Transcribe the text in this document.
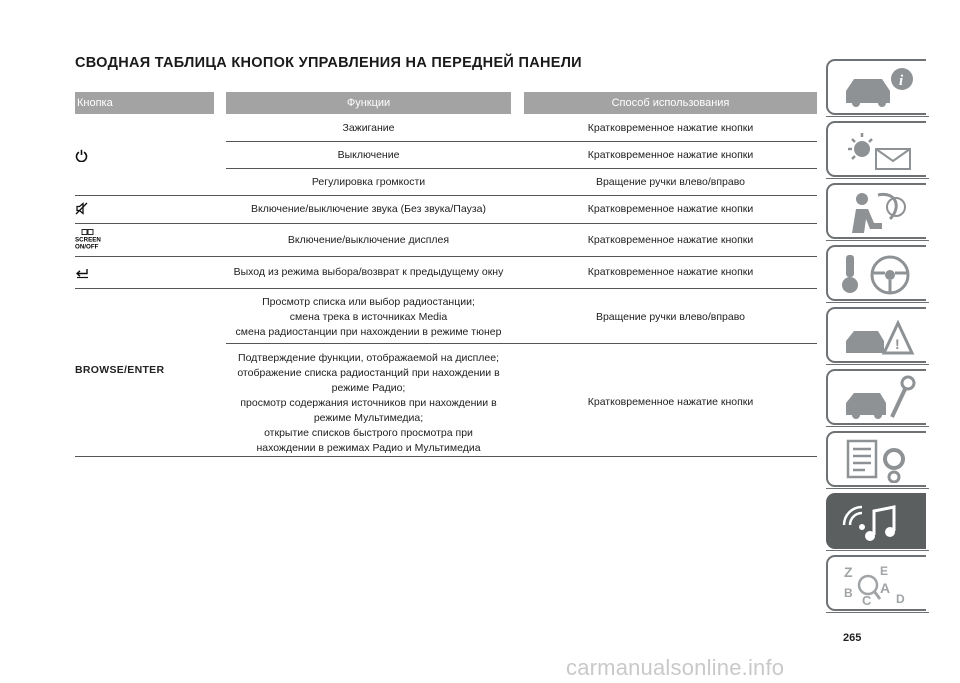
СВОДНАЯ ТАБЛИЦА КНОПОК УПРАВЛЕНИЯ НА ПЕРЕДНЕЙ ПАНЕЛИ
Кнопка	Функции	Способ использования
SCREEN
ON/OFF
BROWSE/ENTER
Зажигание
Выключение
Регулировка громкости
Включение/выключение звука (Без звука/Пауза)
Включение/выключение дисплея
Выход из режима выбора/возврат к предыдущему окну
Просмотр списка или выбор радиостанции;
смена трека в источниках Media
смена радиостанции при нахождении в режиме тюнер
Подтверждение функции, отображаемой на дисплее;
отображение списка радиостанций при нахождении в
режиме Радио;
просмотр содержания источников при нахождении в
режиме Мультимедиа;
открытие списков быстрого просмотра при
нахождении в режимах Радио и Мультимедиа
Кратковременное нажатие кнопки
Кратковременное нажатие кнопки
Вращение ручки влево/вправо
Кратковременное нажатие кнопки
Кратковременное нажатие кнопки
Кратковременное нажатие кнопки
Вращение ручки влево/вправо
Кратковременное нажатие кнопки
i
!
Z E
B A
C D
265
carmanualsonline.info
